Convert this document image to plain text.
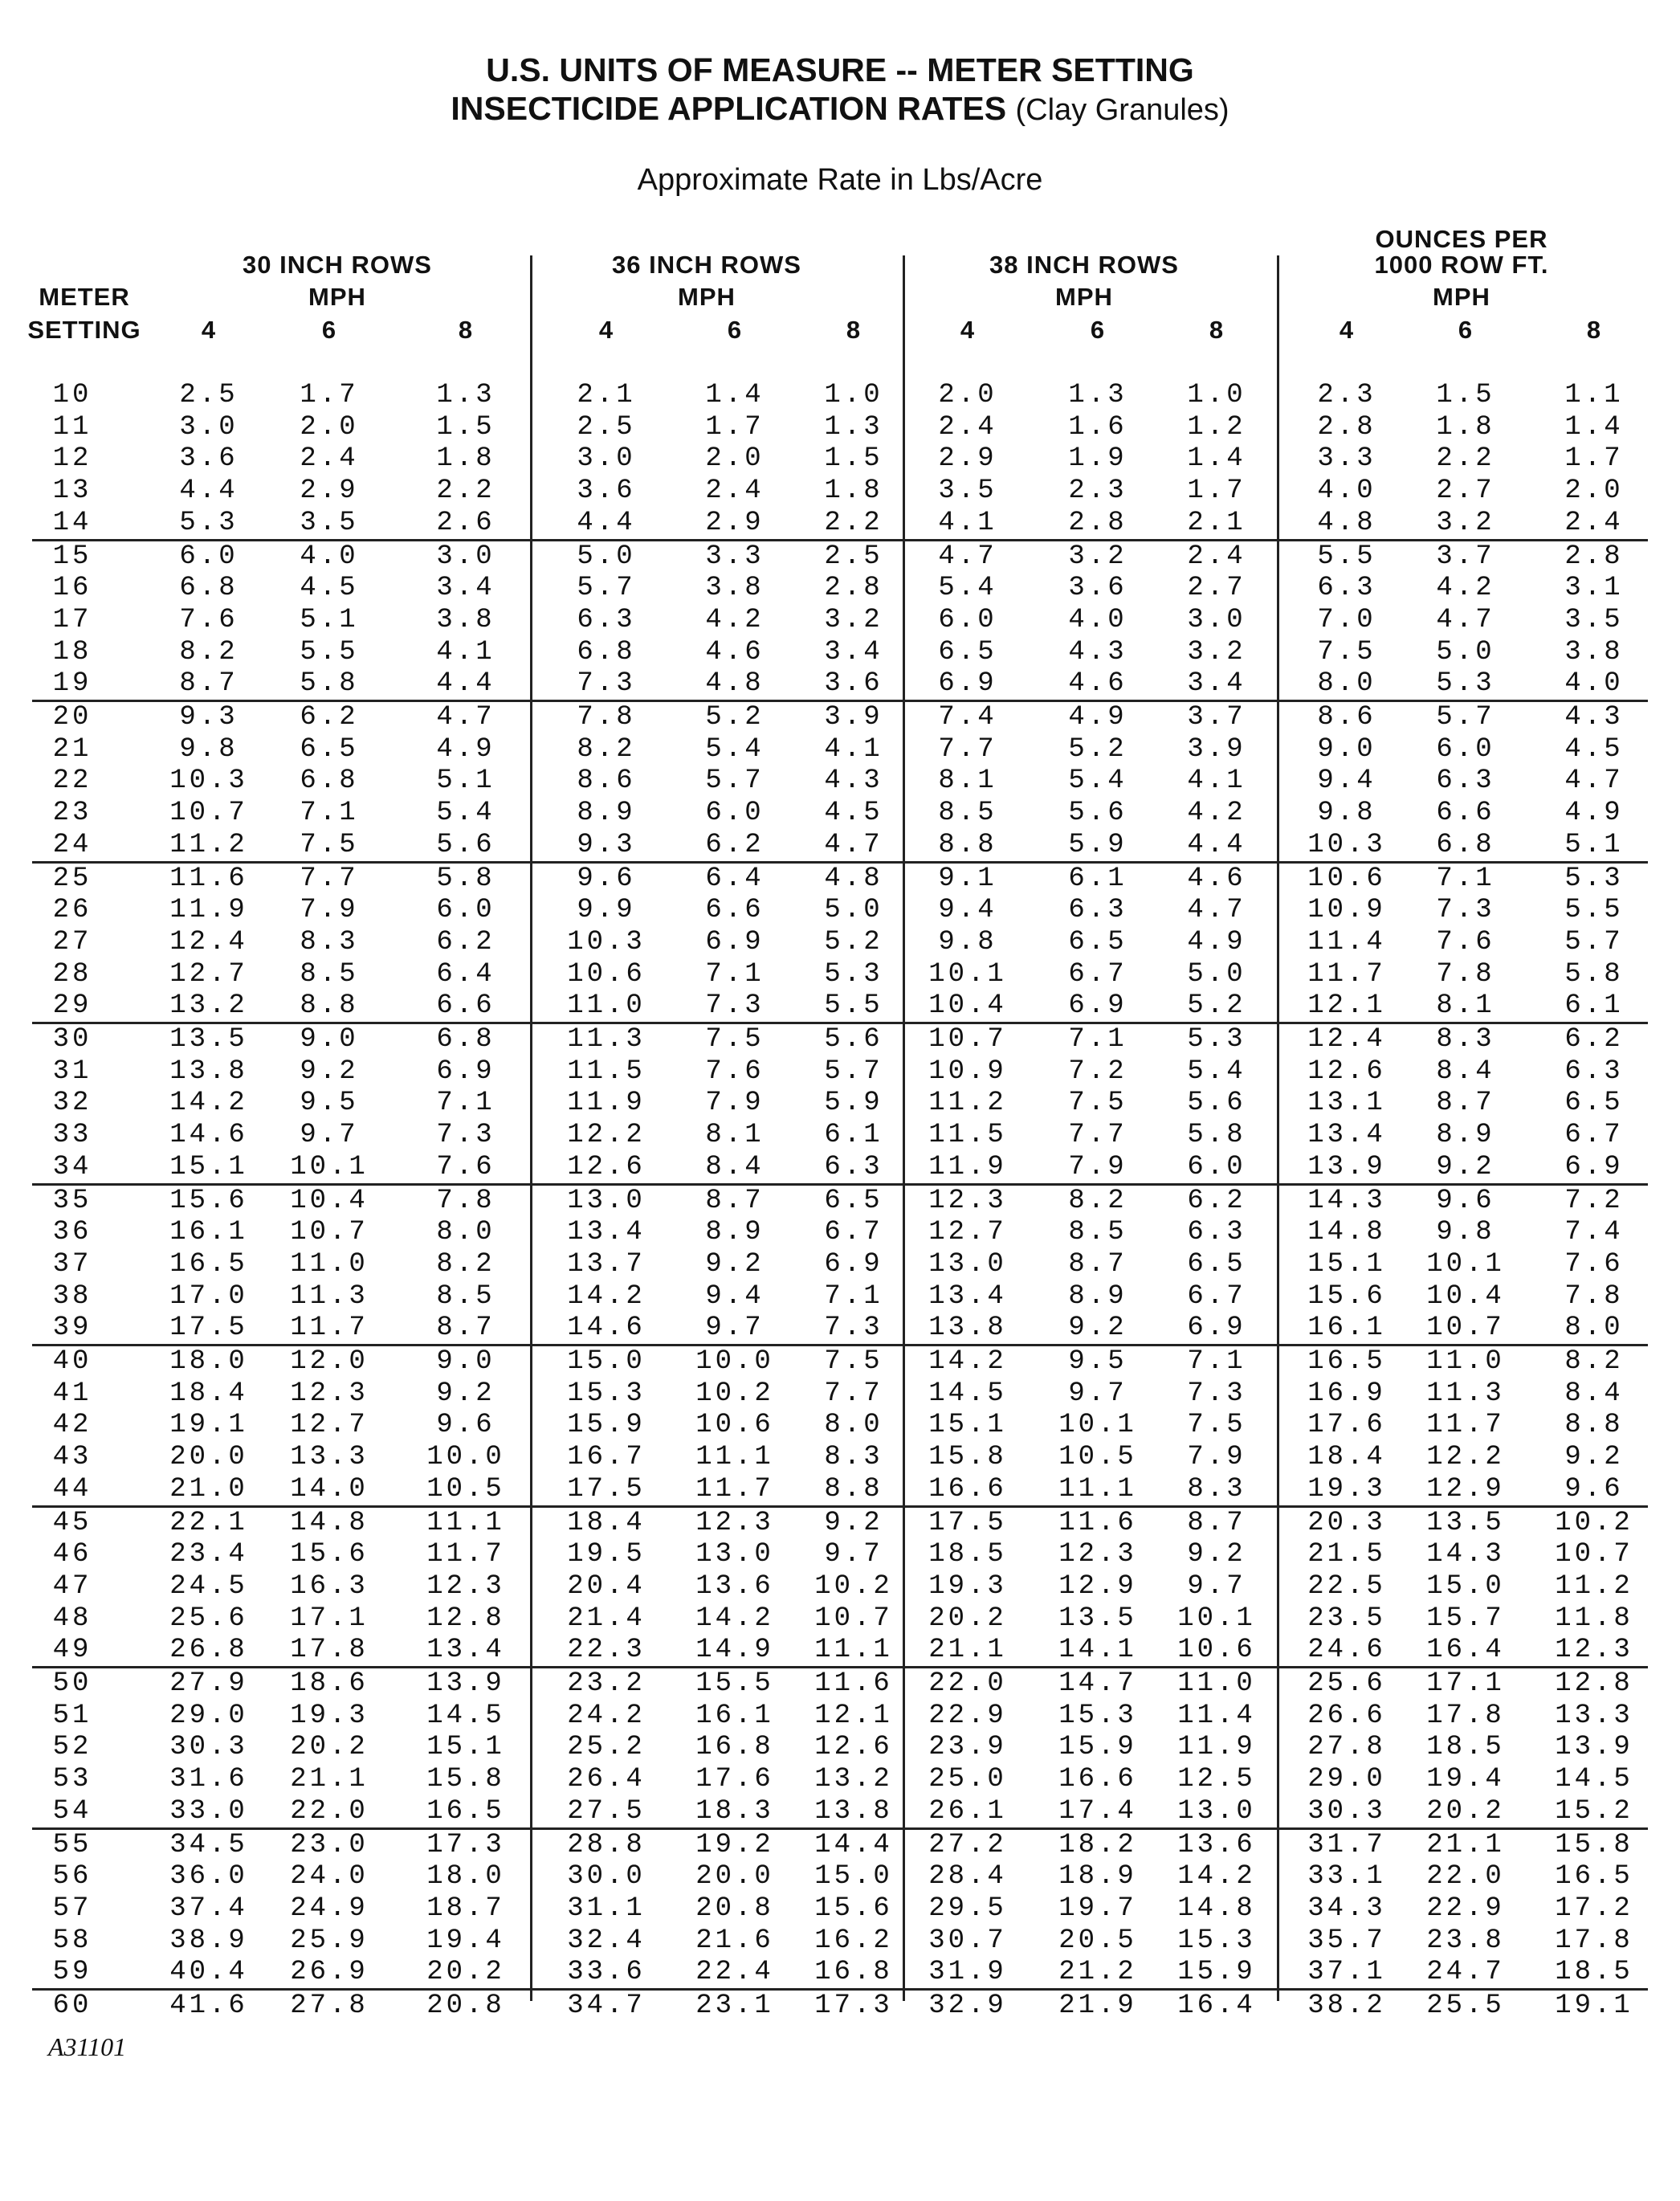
U.S. UNITS OF MEASURE -- METER SETTING
INSECTICIDE APPLICATION RATES (Clay Granules)
Approximate Rate in Lbs/Acre
METER
SETTING
30 INCH ROWS
MPH
36 INCH ROWS
MPH
38 INCH ROWS
MPH
OUNCES PER
1000 ROW FT.
MPH
4	6	8	4	6	8	4	6	8	4	6	8
10	2.5	1.7	1.3	2.1	1.4	1.0	2.0	1.3	1.0	2.3	1.5	1.1
11	3.0	2.0	1.5	2.5	1.7	1.3	2.4	1.6	1.2	2.8	1.8	1.4
12	3.6	2.4	1.8	3.0	2.0	1.5	2.9	1.9	1.4	3.3	2.2	1.7
13	4.4	2.9	2.2	3.6	2.4	1.8	3.5	2.3	1.7	4.0	2.7	2.0
14	5.3	3.5	2.6	4.4	2.9	2.2	4.1	2.8	2.1	4.8	3.2	2.4
15	6.0	4.0	3.0	5.0	3.3	2.5	4.7	3.2	2.4	5.5	3.7	2.8
16	6.8	4.5	3.4	5.7	3.8	2.8	5.4	3.6	2.7	6.3	4.2	3.1
17	7.6	5.1	3.8	6.3	4.2	3.2	6.0	4.0	3.0	7.0	4.7	3.5
18	8.2	5.5	4.1	6.8	4.6	3.4	6.5	4.3	3.2	7.5	5.0	3.8
19	8.7	5.8	4.4	7.3	4.8	3.6	6.9	4.6	3.4	8.0	5.3	4.0
20	9.3	6.2	4.7	7.8	5.2	3.9	7.4	4.9	3.7	8.6	5.7	4.3
21	9.8	6.5	4.9	8.2	5.4	4.1	7.7	5.2	3.9	9.0	6.0	4.5
22	10.3	6.8	5.1	8.6	5.7	4.3	8.1	5.4	4.1	9.4	6.3	4.7
23	10.7	7.1	5.4	8.9	6.0	4.5	8.5	5.6	4.2	9.8	6.6	4.9
24	11.2	7.5	5.6	9.3	6.2	4.7	8.8	5.9	4.4	10.3	6.8	5.1
25	11.6	7.7	5.8	9.6	6.4	4.8	9.1	6.1	4.6	10.6	7.1	5.3
26	11.9	7.9	6.0	9.9	6.6	5.0	9.4	6.3	4.7	10.9	7.3	5.5
27	12.4	8.3	6.2	10.3	6.9	5.2	9.8	6.5	4.9	11.4	7.6	5.7
28	12.7	8.5	6.4	10.6	7.1	5.3	10.1	6.7	5.0	11.7	7.8	5.8
29	13.2	8.8	6.6	11.0	7.3	5.5	10.4	6.9	5.2	12.1	8.1	6.1
30	13.5	9.0	6.8	11.3	7.5	5.6	10.7	7.1	5.3	12.4	8.3	6.2
31	13.8	9.2	6.9	11.5	7.6	5.7	10.9	7.2	5.4	12.6	8.4	6.3
32	14.2	9.5	7.1	11.9	7.9	5.9	11.2	7.5	5.6	13.1	8.7	6.5
33	14.6	9.7	7.3	12.2	8.1	6.1	11.5	7.7	5.8	13.4	8.9	6.7
34	15.1	10.1	7.6	12.6	8.4	6.3	11.9	7.9	6.0	13.9	9.2	6.9
35	15.6	10.4	7.8	13.0	8.7	6.5	12.3	8.2	6.2	14.3	9.6	7.2
36	16.1	10.7	8.0	13.4	8.9	6.7	12.7	8.5	6.3	14.8	9.8	7.4
37	16.5	11.0	8.2	13.7	9.2	6.9	13.0	8.7	6.5	15.1	10.1	7.6
38	17.0	11.3	8.5	14.2	9.4	7.1	13.4	8.9	6.7	15.6	10.4	7.8
39	17.5	11.7	8.7	14.6	9.7	7.3	13.8	9.2	6.9	16.1	10.7	8.0
40	18.0	12.0	9.0	15.0	10.0	7.5	14.2	9.5	7.1	16.5	11.0	8.2
41	18.4	12.3	9.2	15.3	10.2	7.7	14.5	9.7	7.3	16.9	11.3	8.4
42	19.1	12.7	9.6	15.9	10.6	8.0	15.1	10.1	7.5	17.6	11.7	8.8
43	20.0	13.3	10.0	16.7	11.1	8.3	15.8	10.5	7.9	18.4	12.2	9.2
44	21.0	14.0	10.5	17.5	11.7	8.8	16.6	11.1	8.3	19.3	12.9	9.6
45	22.1	14.8	11.1	18.4	12.3	9.2	17.5	11.6	8.7	20.3	13.5	10.2
46	23.4	15.6	11.7	19.5	13.0	9.7	18.5	12.3	9.2	21.5	14.3	10.7
47	24.5	16.3	12.3	20.4	13.6	10.2	19.3	12.9	9.7	22.5	15.0	11.2
48	25.6	17.1	12.8	21.4	14.2	10.7	20.2	13.5	10.1	23.5	15.7	11.8
49	26.8	17.8	13.4	22.3	14.9	11.1	21.1	14.1	10.6	24.6	16.4	12.3
50	27.9	18.6	13.9	23.2	15.5	11.6	22.0	14.7	11.0	25.6	17.1	12.8
51	29.0	19.3	14.5	24.2	16.1	12.1	22.9	15.3	11.4	26.6	17.8	13.3
52	30.3	20.2	15.1	25.2	16.8	12.6	23.9	15.9	11.9	27.8	18.5	13.9
53	31.6	21.1	15.8	26.4	17.6	13.2	25.0	16.6	12.5	29.0	19.4	14.5
54	33.0	22.0	16.5	27.5	18.3	13.8	26.1	17.4	13.0	30.3	20.2	15.2
55	34.5	23.0	17.3	28.8	19.2	14.4	27.2	18.2	13.6	31.7	21.1	15.8
56	36.0	24.0	18.0	30.0	20.0	15.0	28.4	18.9	14.2	33.1	22.0	16.5
57	37.4	24.9	18.7	31.1	20.8	15.6	29.5	19.7	14.8	34.3	22.9	17.2
58	38.9	25.9	19.4	32.4	21.6	16.2	30.7	20.5	15.3	35.7	23.8	17.8
59	40.4	26.9	20.2	33.6	22.4	16.8	31.9	21.2	15.9	37.1	24.7	18.5
60	41.6	27.8	20.8	34.7	23.1	17.3	32.9	21.9	16.4	38.2	25.5	19.1
A31101
